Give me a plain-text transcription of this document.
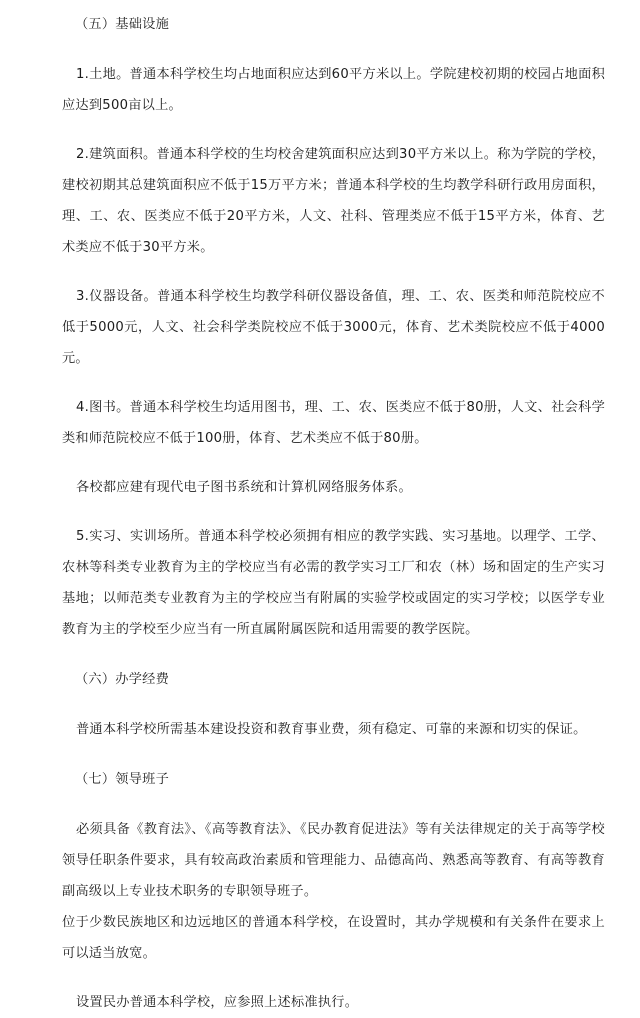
（五）基础设施

1.土地。普通本科学校生均占地面积应达到60平方米以上。学院建校初期的校园占地面积应达到500亩以上。

2.建筑面积。普通本科学校的生均校舍建筑面积应达到30平方米以上。称为学院的学校，建校初期其总建筑面积应不低于15万平方米；普通本科学校的生均教学科研行政用房面积，理、工、农、医类应不低于20平方米，人文、社科、管理类应不低于15平方米，体育、艺术类应不低于30平方米。

3.仪器设备。普通本科学校生均教学科研仪器设备值，理、工、农、医类和师范院校应不低于5000元，人文、社会科学类院校应不低于3000元，体育、艺术类院校应不低于4000元。

4.图书。普通本科学校生均适用图书，理、工、农、医类应不低于80册，人文、社会科学类和师范院校应不低于100册，体育、艺术类应不低于80册。

各校都应建有现代电子图书系统和计算机网络服务体系。

5.实习、实训场所。普通本科学校必须拥有相应的教学实践、实习基地。以理学、工学、农林等科类专业教育为主的学校应当有必需的教学实习工厂和农（林）场和固定的生产实习基地；以师范类专业教育为主的学校应当有附属的实验学校或固定的实习学校；以医学专业教育为主的学校至少应当有一所直属附属医院和适用需要的教学医院。

（六）办学经费

普通本科学校所需基本建设投资和教育事业费，须有稳定、可靠的来源和切实的保证。

（七）领导班子

必须具备《教育法》、《高等教育法》、《民办教育促进法》等有关法律规定的关于高等学校领导任职条件要求，具有较高政治素质和管理能力、品德高尚、熟悉高等教育、有高等教育副高级以上专业技术职务的专职领导班子。

位于少数民族地区和边远地区的普通本科学校，在设置时，其办学规模和有关条件在要求上可以适当放宽。

设置民办普通本科学校，应参照上述标准执行。
